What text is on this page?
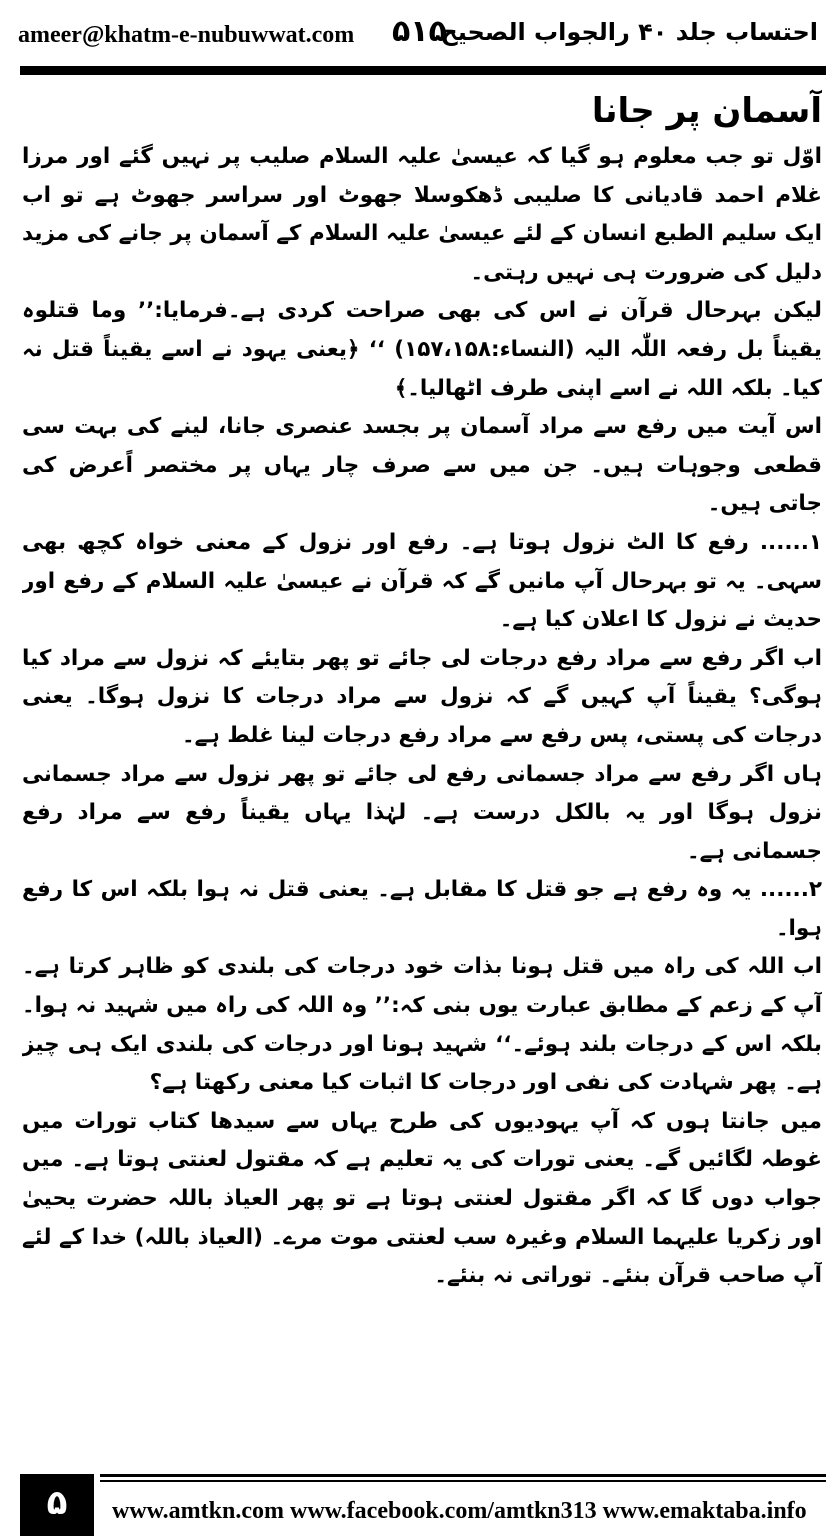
ameer@khatm-e-nubuwwat.com ۵۱۵
احتساب جلد ۴۰ رالجواب الصحیح
آسمان پر جانا

اوّل تو جب معلوم ہو گیا کہ عیسیٰ علیہ السلام صلیب پر نہیں گئے اور مرزا غلام احمد قادیانی کا صلیبی ڈھکوسلا جھوٹ اور سراسر جھوٹ ہے تو اب ایک سلیم الطبع انسان کے لئے عیسیٰ علیہ السلام کے آسمان پر جانے کی مزید دلیل کی ضرورت ہی نہیں رہتی۔

لیکن بہرحال قرآن نے اس کی بھی صراحت کردی ہے۔فرمایا:’’ وما قتلوہ یقیناً بل رفعہ اللّٰہ الیہ (النساء:۱۵۷،۱۵۸) ‘‘ ﴿یعنی یہود نے اسے یقیناً قتل نہ کیا۔ بلکہ اللہ نے اسے اپنی طرف اٹھالیا۔﴾

اس آیت میں رفع سے مراد آسمان پر بجسد عنصری جانا، لینے کی بہت سی قطعی وجوہات ہیں۔ جن میں سے صرف چار یہاں پر مختصر اًعرض کی جاتی ہیں۔

۱...... رفع کا الٹ نزول ہوتا ہے۔ رفع اور نزول کے معنی خواہ کچھ بھی سہی۔ یہ تو بہرحال آپ مانیں گے کہ قرآن نے عیسیٰ علیہ السلام کے رفع اور حدیث نے نزول کا اعلان کیا ہے۔

اب اگر رفع سے مراد رفع درجات لی جائے تو پھر بتایئے کہ نزول سے مراد کیا ہوگی؟ یقیناً آپ کہیں گے کہ نزول سے مراد درجات کا نزول ہوگا۔ یعنی درجات کی پستی، پس رفع سے مراد رفع درجات لینا غلط ہے۔

ہاں اگر رفع سے مراد جسمانی رفع لی جائے تو پھر نزول سے مراد جسمانی نزول ہوگا اور یہ بالکل درست ہے۔ لہٰذا یہاں یقیناً رفع سے مراد رفع جسمانی ہے۔

۲...... یہ وہ رفع ہے جو قتل کا مقابل ہے۔ یعنی قتل نہ ہوا بلکہ اس کا رفع ہوا۔

اب اللہ کی راہ میں قتل ہونا بذات خود درجات کی بلندی کو ظاہر کرتا ہے۔ آپ کے زعم کے مطابق عبارت یوں بنی کہ:’’ وہ اللہ کی راہ میں شہید نہ ہوا۔ بلکہ اس کے درجات بلند ہوئے۔‘‘ شہید ہونا اور درجات کی بلندی ایک ہی چیز ہے۔ پھر شہادت کی نفی اور درجات کا اثبات کیا معنی رکھتا ہے؟

میں جانتا ہوں کہ آپ یہودیوں کی طرح یہاں سے سیدھا کتاب تورات میں غوطہ لگائیں گے۔ یعنی تورات کی یہ تعلیم ہے کہ مقتول لعنتی ہوتا ہے۔ میں جواب دوں گا کہ اگر مقتول لعنتی ہوتا ہے تو پھر العیاذ باللہ حضرت یحییٰ اور زکریا علیہما السلام وغیرہ سب لعنتی موت مرے۔ (العیاذ باللہ) خدا کے لئے آپ صاحب قرآن بنئے۔ توراتی نہ بنئے۔

۵	www.amtkn.com www.facebook.com/amtkn313 www.emaktaba.info
